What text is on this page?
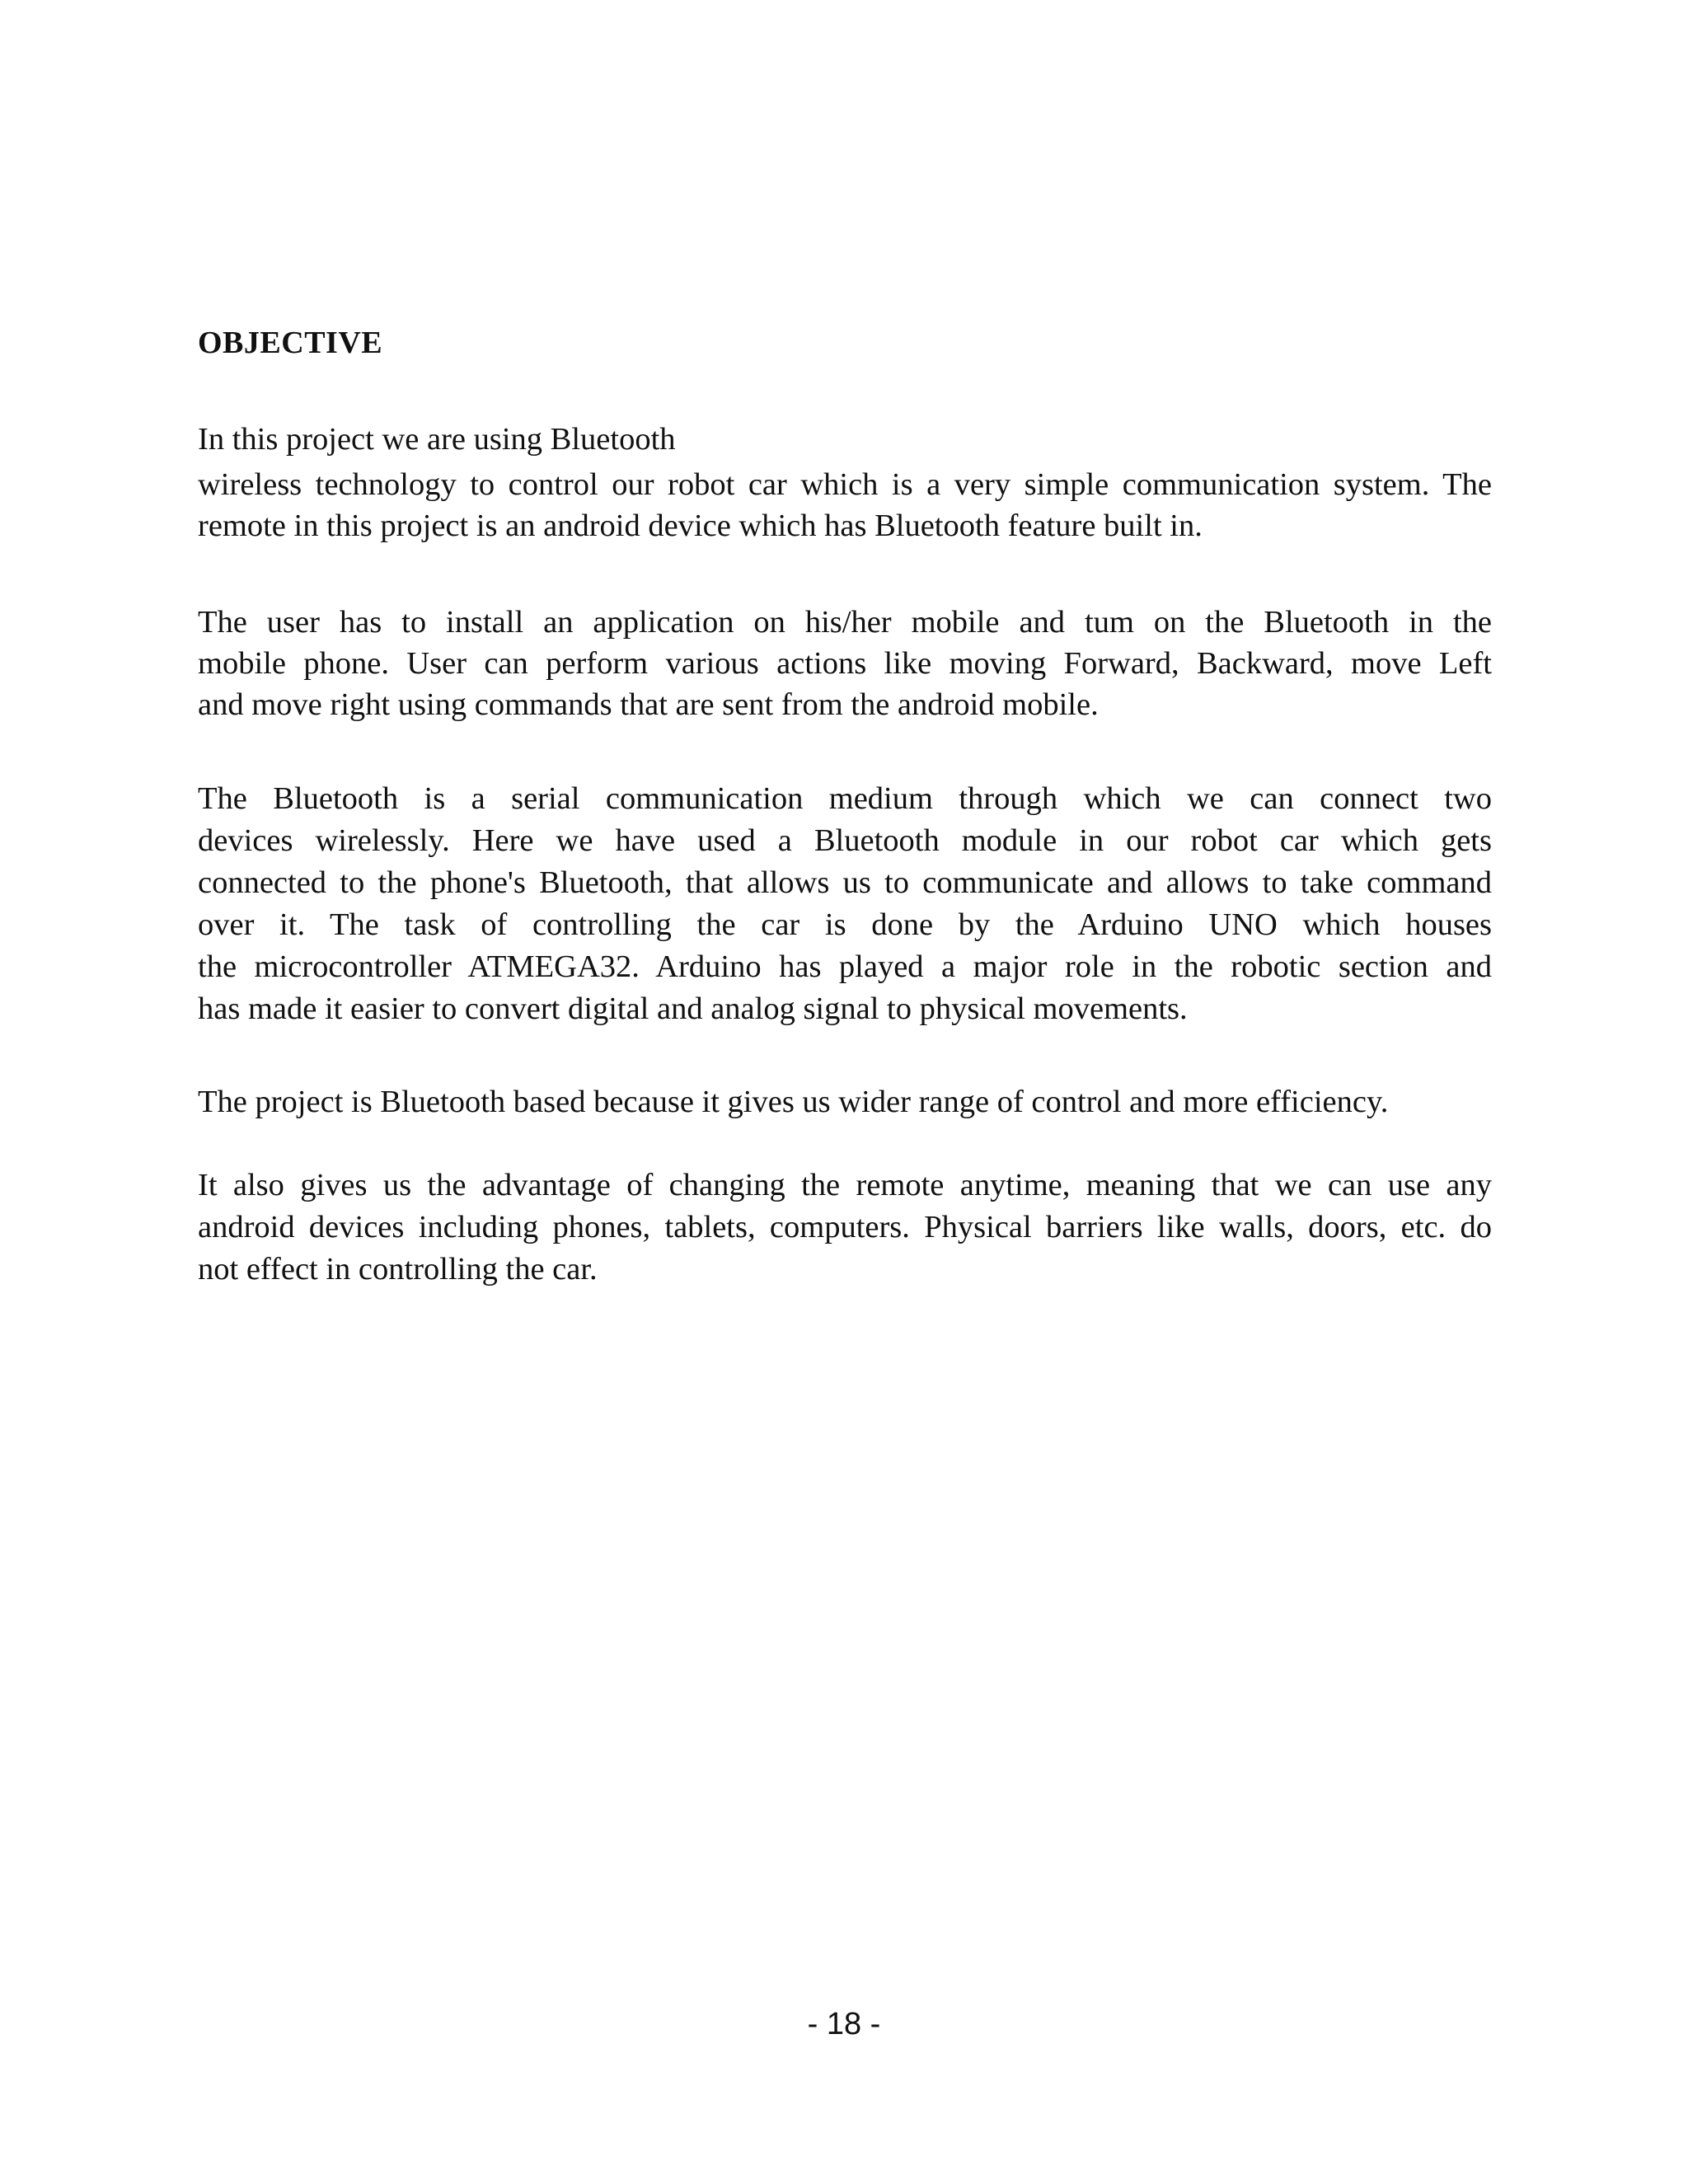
OBJECTIVE

In this project we are using Bluetooth

wireless technology to control our robot car which is a very simple communication system. The

remote in this project is an android device which has Bluetooth feature built in.

The user has to install an application on his/her mobile and tum on the Bluetooth in the

mobile phone. User can perform various actions like moving Forward, Backward, move Left

and move right using commands that are sent from the android mobile.

The Bluetooth is a serial communication medium through which we can connect two

devices wirelessly. Here we have used a Bluetooth module in our robot car which gets

connected to the phone's Bluetooth, that allows us to communicate and allows to take command

over it. The task of controlling the car is done by the Arduino UNO which houses

the microcontroller ATMEGA32. Arduino has played a major role in the robotic section and

has made it easier to convert digital and analog signal to physical movements.

The project is Bluetooth based because it gives us wider range of control and more efficiency.

It also gives us the advantage of changing the remote anytime, meaning that we can use any

android devices including phones, tablets, computers. Physical barriers like walls, doors, etc. do

not effect in controlling the car.

- 18 -
